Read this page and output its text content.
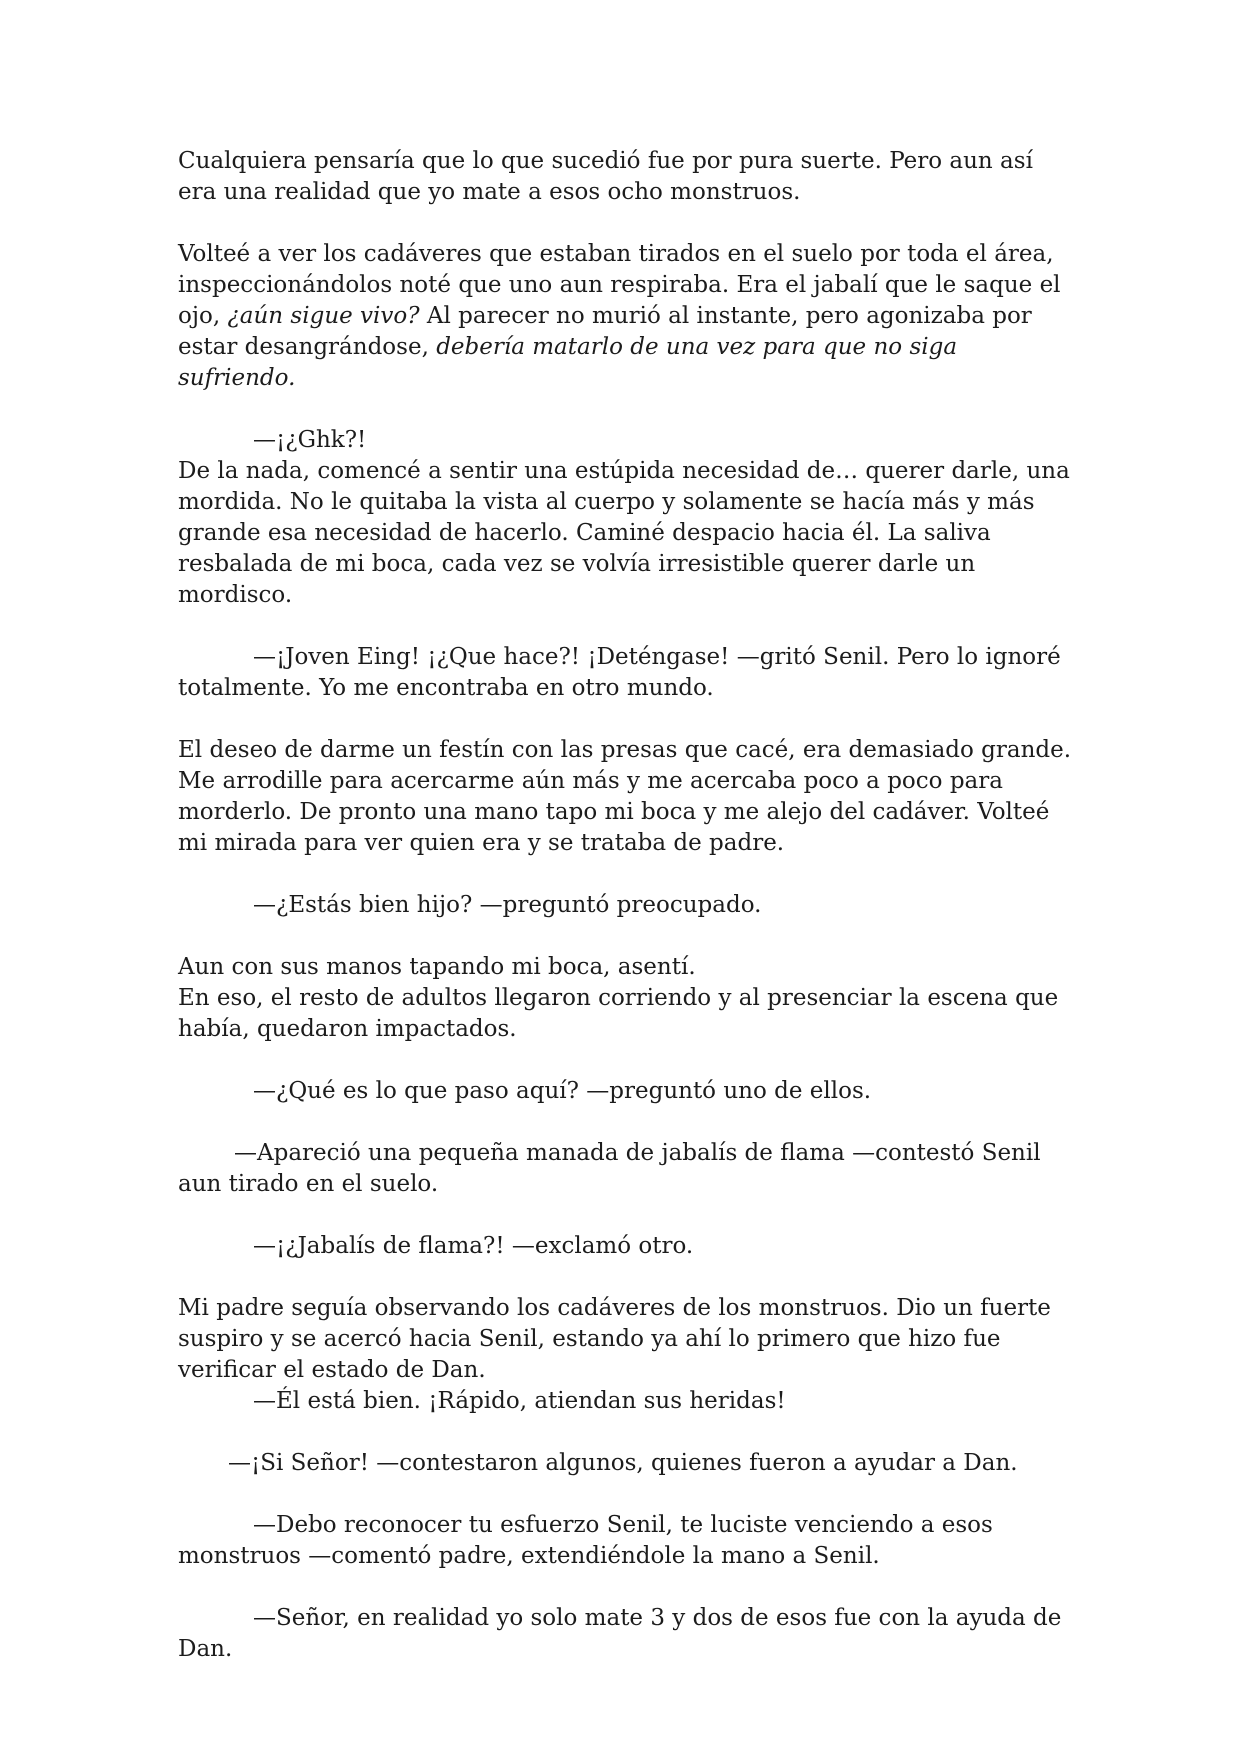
Cualquiera pensaría que lo que sucedió fue por pura suerte. Pero aun así era una realidad que yo mate a esos ocho monstruos.

Volteé a ver los cadáveres que estaban tirados en el suelo por toda el área, inspeccionándolos noté que uno aun respiraba. Era el jabalí que le saque el ojo, ¿aún sigue vivo? Al parecer no murió al instante, pero agonizaba por estar desangrándose, debería matarlo de una vez para que no siga sufriendo.

—¡¿Ghk?!

De la nada, comencé a sentir una estúpida necesidad de… querer darle, una mordida. No le quitaba la vista al cuerpo y solamente se hacía más y más grande esa necesidad de hacerlo. Caminé despacio hacia él. La saliva resbalada de mi boca, cada vez se volvía irresistible querer darle un mordisco.

—¡Joven Eing! ¡¿Que hace?! ¡Deténgase! —gritó Senil. Pero lo ignoré totalmente. Yo me encontraba en otro mundo.

El deseo de darme un festín con las presas que cacé, era demasiado grande. Me arrodille para acercarme aún más y me acercaba poco a poco para morderlo. De pronto una mano tapo mi boca y me alejo del cadáver. Volteé mi mirada para ver quien era y se trataba de padre.

—¿Estás bien hijo? —preguntó preocupado.

Aun con sus manos tapando mi boca, asentí.

En eso, el resto de adultos llegaron corriendo y al presenciar la escena que había, quedaron impactados.

—¿Qué es lo que paso aquí? —preguntó uno de ellos.

—Apareció una pequeña manada de jabalís de flama —contestó Senil aun tirado en el suelo.

—¡¿Jabalís de flama?! —exclamó otro.

Mi padre seguía observando los cadáveres de los monstruos. Dio un fuerte suspiro y se acercó hacia Senil, estando ya ahí lo primero que hizo fue verificar el estado de Dan.

—Él está bien. ¡Rápido, atiendan sus heridas!

—¡Si Señor! —contestaron algunos, quienes fueron a ayudar a Dan.

—Debo reconocer tu esfuerzo Senil, te luciste venciendo a esos monstruos —comentó padre, extendiéndole la mano a Senil.

—Señor, en realidad yo solo mate 3 y dos de esos fue con la ayuda de Dan.
